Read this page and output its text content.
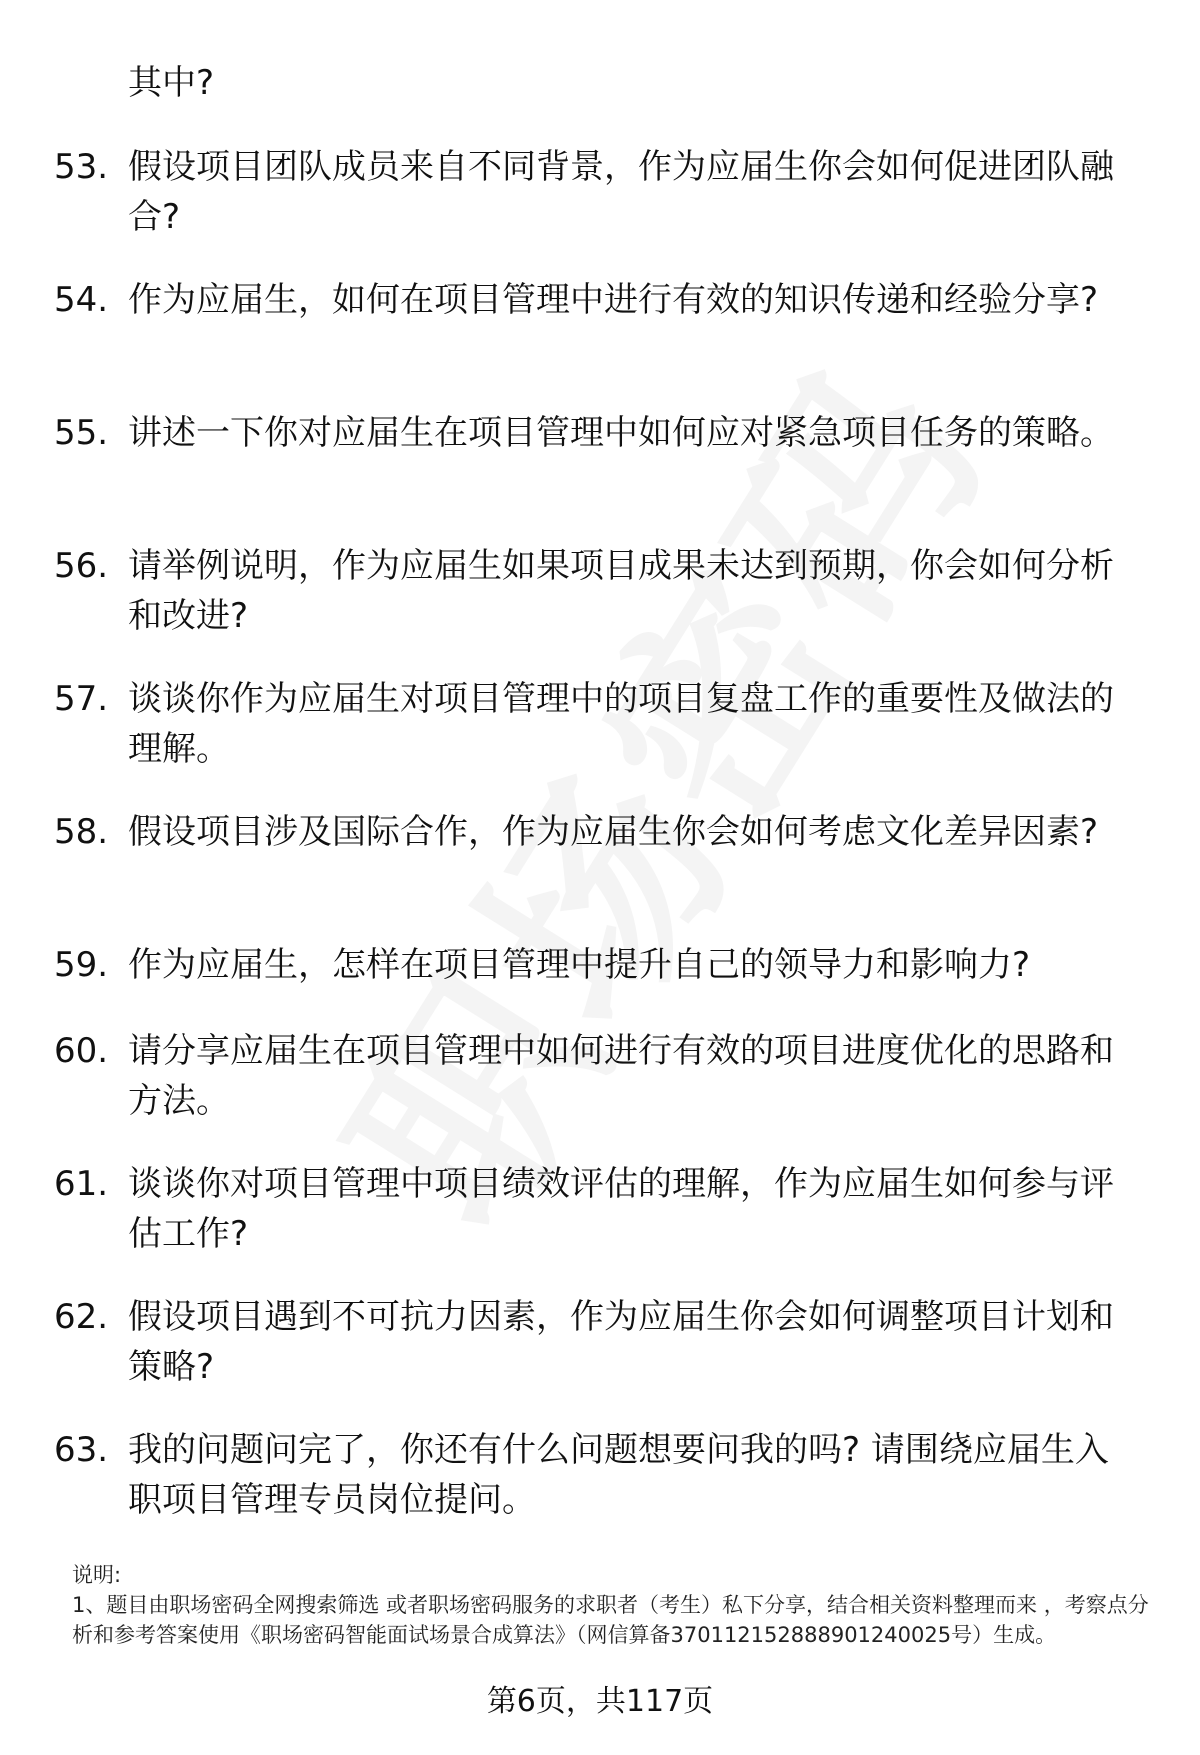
其中?
53. 假设项目团队成员来自不同背景，作为应届生你会如何促进团队融合?
54. 作为应届生，如何在项目管理中进行有效的知识传递和经验分享?
55. 讲述一下你对应届生在项目管理中如何应对紧急项目任务的策略。
56. 请举例说明，作为应届生如果项目成果未达到预期，你会如何分析和改进?
57. 谈谈你作为应届生对项目管理中的项目复盘工作的重要性及做法的理解。
58. 假设项目涉及国际合作，作为应届生你会如何考虑文化差异因素?
59. 作为应届生，怎样在项目管理中提升自己的领导力和影响力?
60. 请分享应届生在项目管理中如何进行有效的项目进度优化的思路和方法。
61. 谈谈你对项目管理中项目绩效评估的理解，作为应届生如何参与评估工作?
62. 假设项目遇到不可抗力因素，作为应届生你会如何调整项目计划和策略?
63. 我的问题问完了，你还有什么问题想要问我的吗? 请围绕应届生入职项目管理专员岗位提问。
说明:
1、题目由职场密码全网搜索筛选 或者职场密码服务的求职者（考生）私下分享，结合相关资料整理而来 ，考察点分析和参考答案使用《职场密码智能面试场景合成算法》（网信算备370112152888901240025号）生成。
第6页，共117页
